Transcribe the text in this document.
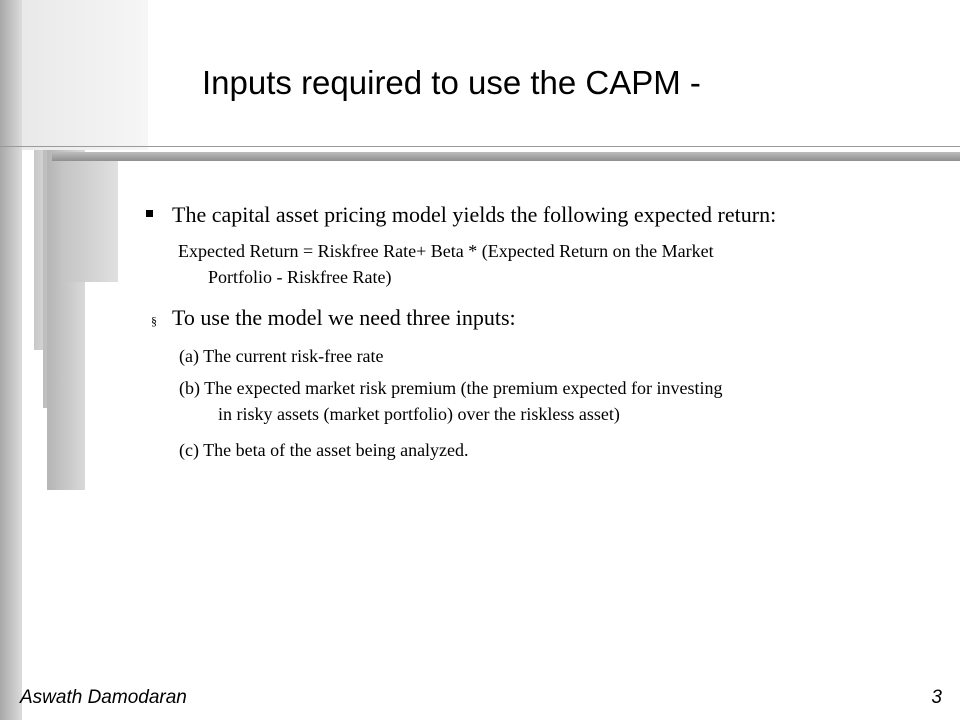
Inputs required to use the CAPM -
The capital asset pricing model yields the following expected return:
Expected Return = Riskfree Rate+ Beta * (Expected Return on the Market
Portfolio - Riskfree Rate)
§ To use the model we need three inputs:
(a) The current risk-free rate
(b) The expected market risk premium (the premium expected for investing
in risky assets (market portfolio) over the riskless asset)
(c) The beta of the asset being analyzed.
Aswath Damodaran	3
